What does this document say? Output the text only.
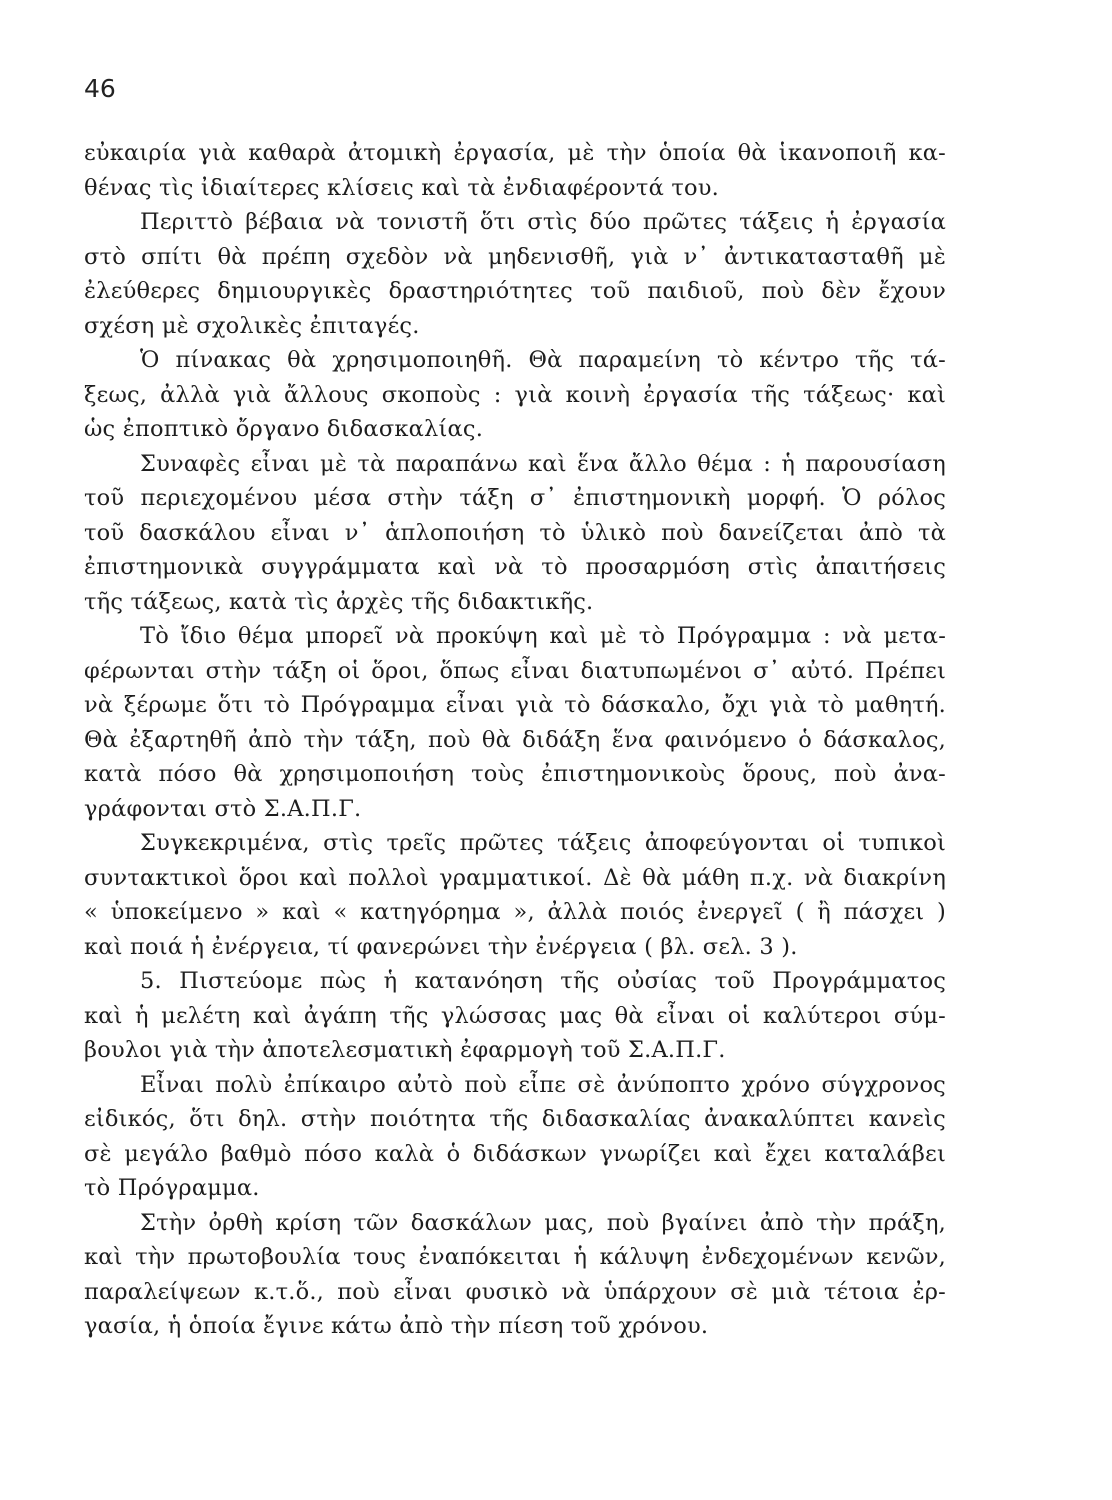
46
εὐκαιρία γιὰ καθαρὰ ἀτομικὴ ἐργασία, μὲ τὴν ὁποία θὰ ἱκανοποιῆ κα-
θένας τὶς ἰδιαίτερες κλίσεις καὶ τὰ ἐνδιαφέροντά του.
Περιττὸ βέβαια νὰ τονιστῆ ὅτι στὶς δύο πρῶτες τάξεις ἡ ἐργασία
στὸ σπίτι θὰ πρέπη σχεδὸν νὰ μηδενισθῆ, γιὰ ν᾽ ἀντικατασταθῆ μὲ
ἐλεύθερες δημιουργικὲς δραστηριότητες τοῦ παιδιοῦ, ποὺ δὲν ἔχουν
σχέση μὲ σχολικὲς ἐπιταγές.
Ὁ πίνακας θὰ χρησιμοποιηθῆ. Θὰ παραμείνη τὸ κέντρο τῆς τά-
ξεως, ἀλλὰ γιὰ ἄλλους σκοποὺς : γιὰ κοινὴ ἐργασία τῆς τάξεως· καὶ
ὡς ἐποπτικὸ ὄργανο διδασκαλίας.
Συναφὲς εἶναι μὲ τὰ παραπάνω καὶ ἕνα ἄλλο θέμα : ἡ παρουσίαση
τοῦ περιεχομένου μέσα στὴν τάξη σ᾽ ἐπιστημονικὴ μορφή. Ὁ ρόλος
τοῦ δασκάλου εἶναι ν᾽ ἁπλοποιήση τὸ ὑλικὸ ποὺ δανείζεται ἀπὸ τὰ
ἐπιστημονικὰ συγγράμματα καὶ νὰ τὸ προσαρμόση στὶς ἀπαιτήσεις
τῆς τάξεως, κατὰ τὶς ἀρχὲς τῆς διδακτικῆς.
Τὸ ἴδιο θέμα μπορεῖ νὰ προκύψη καὶ μὲ τὸ Πρόγραμμα : νὰ μετα-
φέρωνται στὴν τάξη οἱ ὅροι, ὅπως εἶναι διατυπωμένοι σ᾽ αὐτό. Πρέπει
νὰ ξέρωμε ὅτι τὸ Πρόγραμμα εἶναι γιὰ τὸ δάσκαλο, ὄχι γιὰ τὸ μαθητή.
Θὰ ἐξαρτηθῆ ἀπὸ τὴν τάξη, ποὺ θὰ διδάξη ἕνα φαινόμενο ὁ δάσκαλος,
κατὰ πόσο θὰ χρησιμοποιήση τοὺς ἐπιστημονικοὺς ὅρους, ποὺ ἀνα-
γράφονται στὸ Σ.Α.Π.Γ.
Συγκεκριμένα, στὶς τρεῖς πρῶτες τάξεις ἀποφεύγονται οἱ τυπικοὶ
συντακτικοὶ ὅροι καὶ πολλοὶ γραμματικοί. Δὲ θὰ μάθη π.χ. νὰ διακρίνη
« ὑποκείμενο » καὶ « κατηγόρημα », ἀλλὰ ποιός ἐνεργεῖ ( ἢ πάσχει )
καὶ ποιά ἡ ἐνέργεια, τί φανερώνει τὴν ἐνέργεια ( βλ. σελ. 3 ).
5. Πιστεύομε πὼς ἡ κατανόηση τῆς οὐσίας τοῦ Προγράμματος
καὶ ἡ μελέτη καὶ ἀγάπη τῆς γλώσσας μας θὰ εἶναι οἱ καλύτεροι σύμ-
βουλοι γιὰ τὴν ἀποτελεσματικὴ ἐφαρμογὴ τοῦ Σ.Α.Π.Γ.
Εἶναι πολὺ ἐπίκαιρο αὐτὸ ποὺ εἶπε σὲ ἀνύποπτο χρόνο σύγχρονος
εἰδικός, ὅτι δηλ. στὴν ποιότητα τῆς διδασκαλίας ἀνακαλύπτει κανεὶς
σὲ μεγάλο βαθμὸ πόσο καλὰ ὁ διδάσκων γνωρίζει καὶ ἔχει καταλάβει
τὸ Πρόγραμμα.
Στὴν ὀρθὴ κρίση τῶν δασκάλων μας, ποὺ βγαίνει ἀπὸ τὴν πράξη,
καὶ τὴν πρωτοβουλία τους ἐναπόκειται ἡ κάλυψη ἐνδεχομένων κενῶν,
παραλείψεων κ.τ.ὅ., ποὺ εἶναι φυσικὸ νὰ ὑπάρχουν σὲ μιὰ τέτοια ἐρ-
γασία, ἡ ὁποία ἔγινε κάτω ἀπὸ τὴν πίεση τοῦ χρόνου.
